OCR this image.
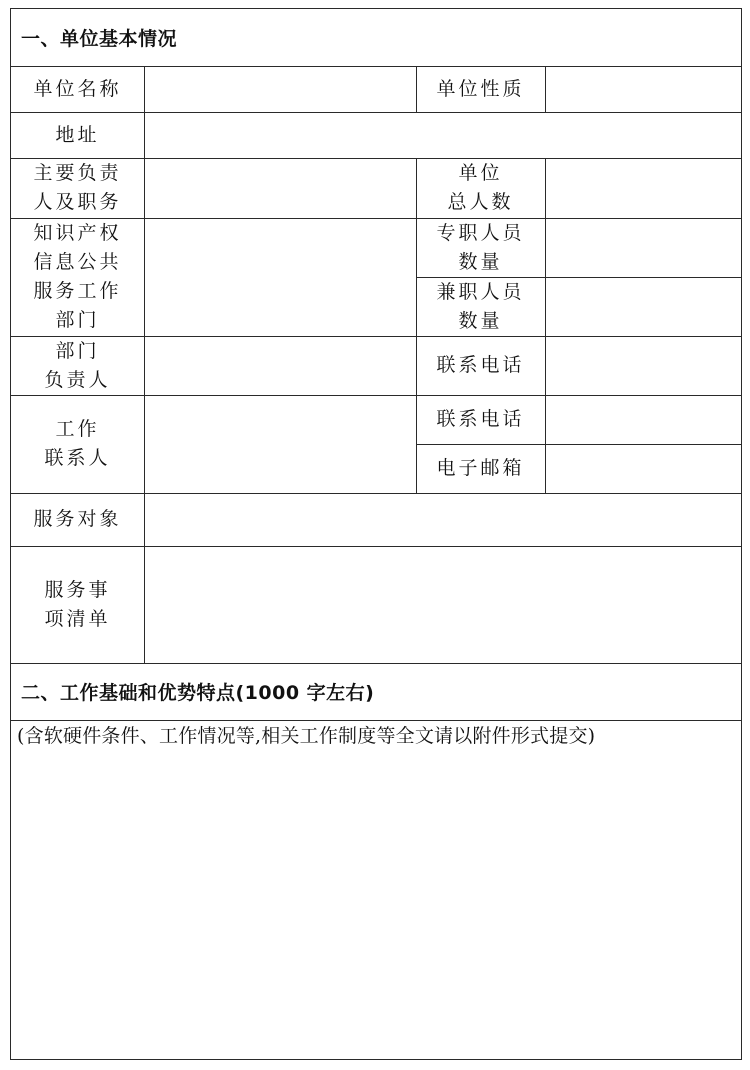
一、单位基本情况
单位名称	单位性质
地址
主要负责
人及职务
单位
总人数
知识产权
信息公共
服务工作
部门
专职人员
数量
兼职人员
数量
部门
负责人
联系电话
工作
联系人
联系电话
电子邮箱
服务对象
服务事
项清单
二、工作基础和优势特点(1000 字左右)
(含软硬件条件、工作情况等,相关工作制度等全文请以附件形式提交)
